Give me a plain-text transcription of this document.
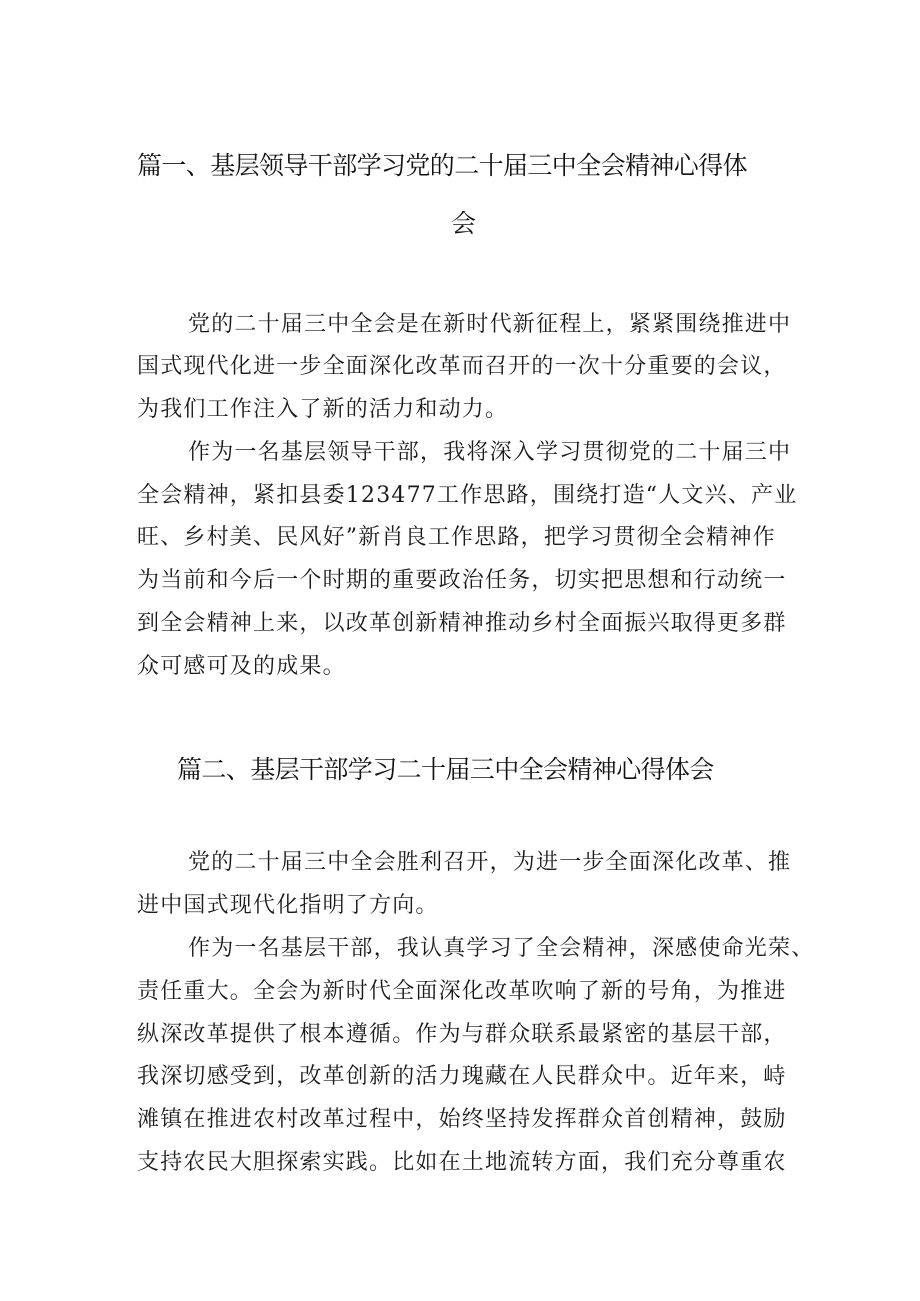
篇一、基层领导干部学习党的二十届三中全会精神心得体
会
党的二十届三中全会是在新时代新征程上，紧紧围绕推进中
国式现代化进一步全面深化改革而召开的一次十分重要的会议，
为我们工作注入了新的活力和动力。
作为一名基层领导干部，我将深入学习贯彻党的二十届三中
全会精神，紧扣县委123477工作思路，围绕打造“人文兴、产业
旺、乡村美、民风好”新肖良工作思路，把学习贯彻全会精神作
为当前和今后一个时期的重要政治任务，切实把思想和行动统一
到全会精神上来，以改革创新精神推动乡村全面振兴取得更多群
众可感可及的成果。
篇二、基层干部学习二十届三中全会精神心得体会
党的二十届三中全会胜利召开，为进一步全面深化改革、推
进中国式现代化指明了方向。
作为一名基层干部，我认真学习了全会精神，深感使命光荣、
责任重大。全会为新时代全面深化改革吹响了新的号角，为推进
纵深改革提供了根本遵循。作为与群众联系最紧密的基层干部，
我深切感受到，改革创新的活力瑰藏在人民群众中。近年来，峙
滩镇在推进农村改革过程中，始终坚持发挥群众首创精神，鼓励
支持农民大胆探索实践。比如在土地流转方面，我们充分尊重农
